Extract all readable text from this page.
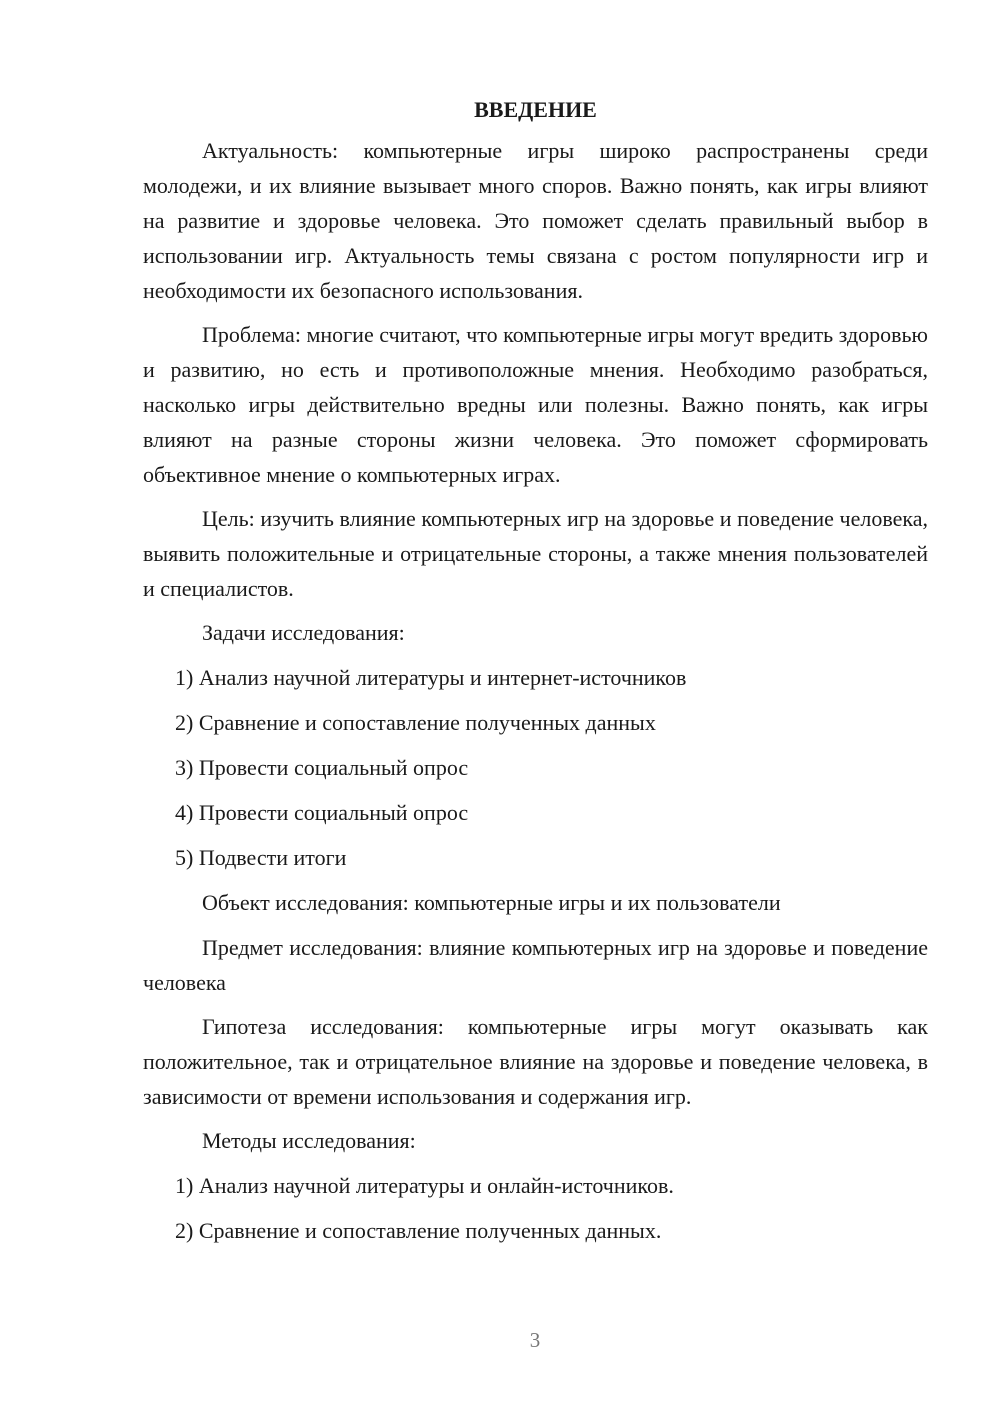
ВВЕДЕНИЕ

Актуальность: компьютерные игры широко распространены среди молодежи, и их влияние вызывает много споров. Важно понять, как игры влияют на развитие и здоровье человека. Это поможет сделать правильный выбор в использовании игр. Актуальность темы связана с ростом популярности игр и необходимости их безопасного использования.

Проблема: многие считают, что компьютерные игры могут вредить здоровью и развитию, но есть и противоположные мнения. Необходимо разобраться, насколько игры действительно вредны или полезны. Важно понять, как игры влияют на разные стороны жизни человека. Это поможет сформировать объективное мнение о компьютерных играх.

Цель: изучить влияние компьютерных игр на здоровье и поведение человека, выявить положительные и отрицательные стороны, а также мнения пользователей и специалистов.

Задачи исследования:
1) Анализ научной литературы и интернет-источников
2) Сравнение и сопоставление полученных данных
3) Провести социальный опрос
4) Провести социальный опрос
5) Подвести итоги
Объект исследования: компьютерные игры и их пользователи

Предмет исследования: влияние компьютерных игр на здоровье и поведение человека

Гипотеза исследования: компьютерные игры могут оказывать как положительное, так и отрицательное влияние на здоровье и поведение человека, в зависимости от времени использования и содержания игр.

Методы исследования:
1) Анализ научной литературы и онлайн-источников.
2) Сравнение и сопоставление полученных данных.
3
